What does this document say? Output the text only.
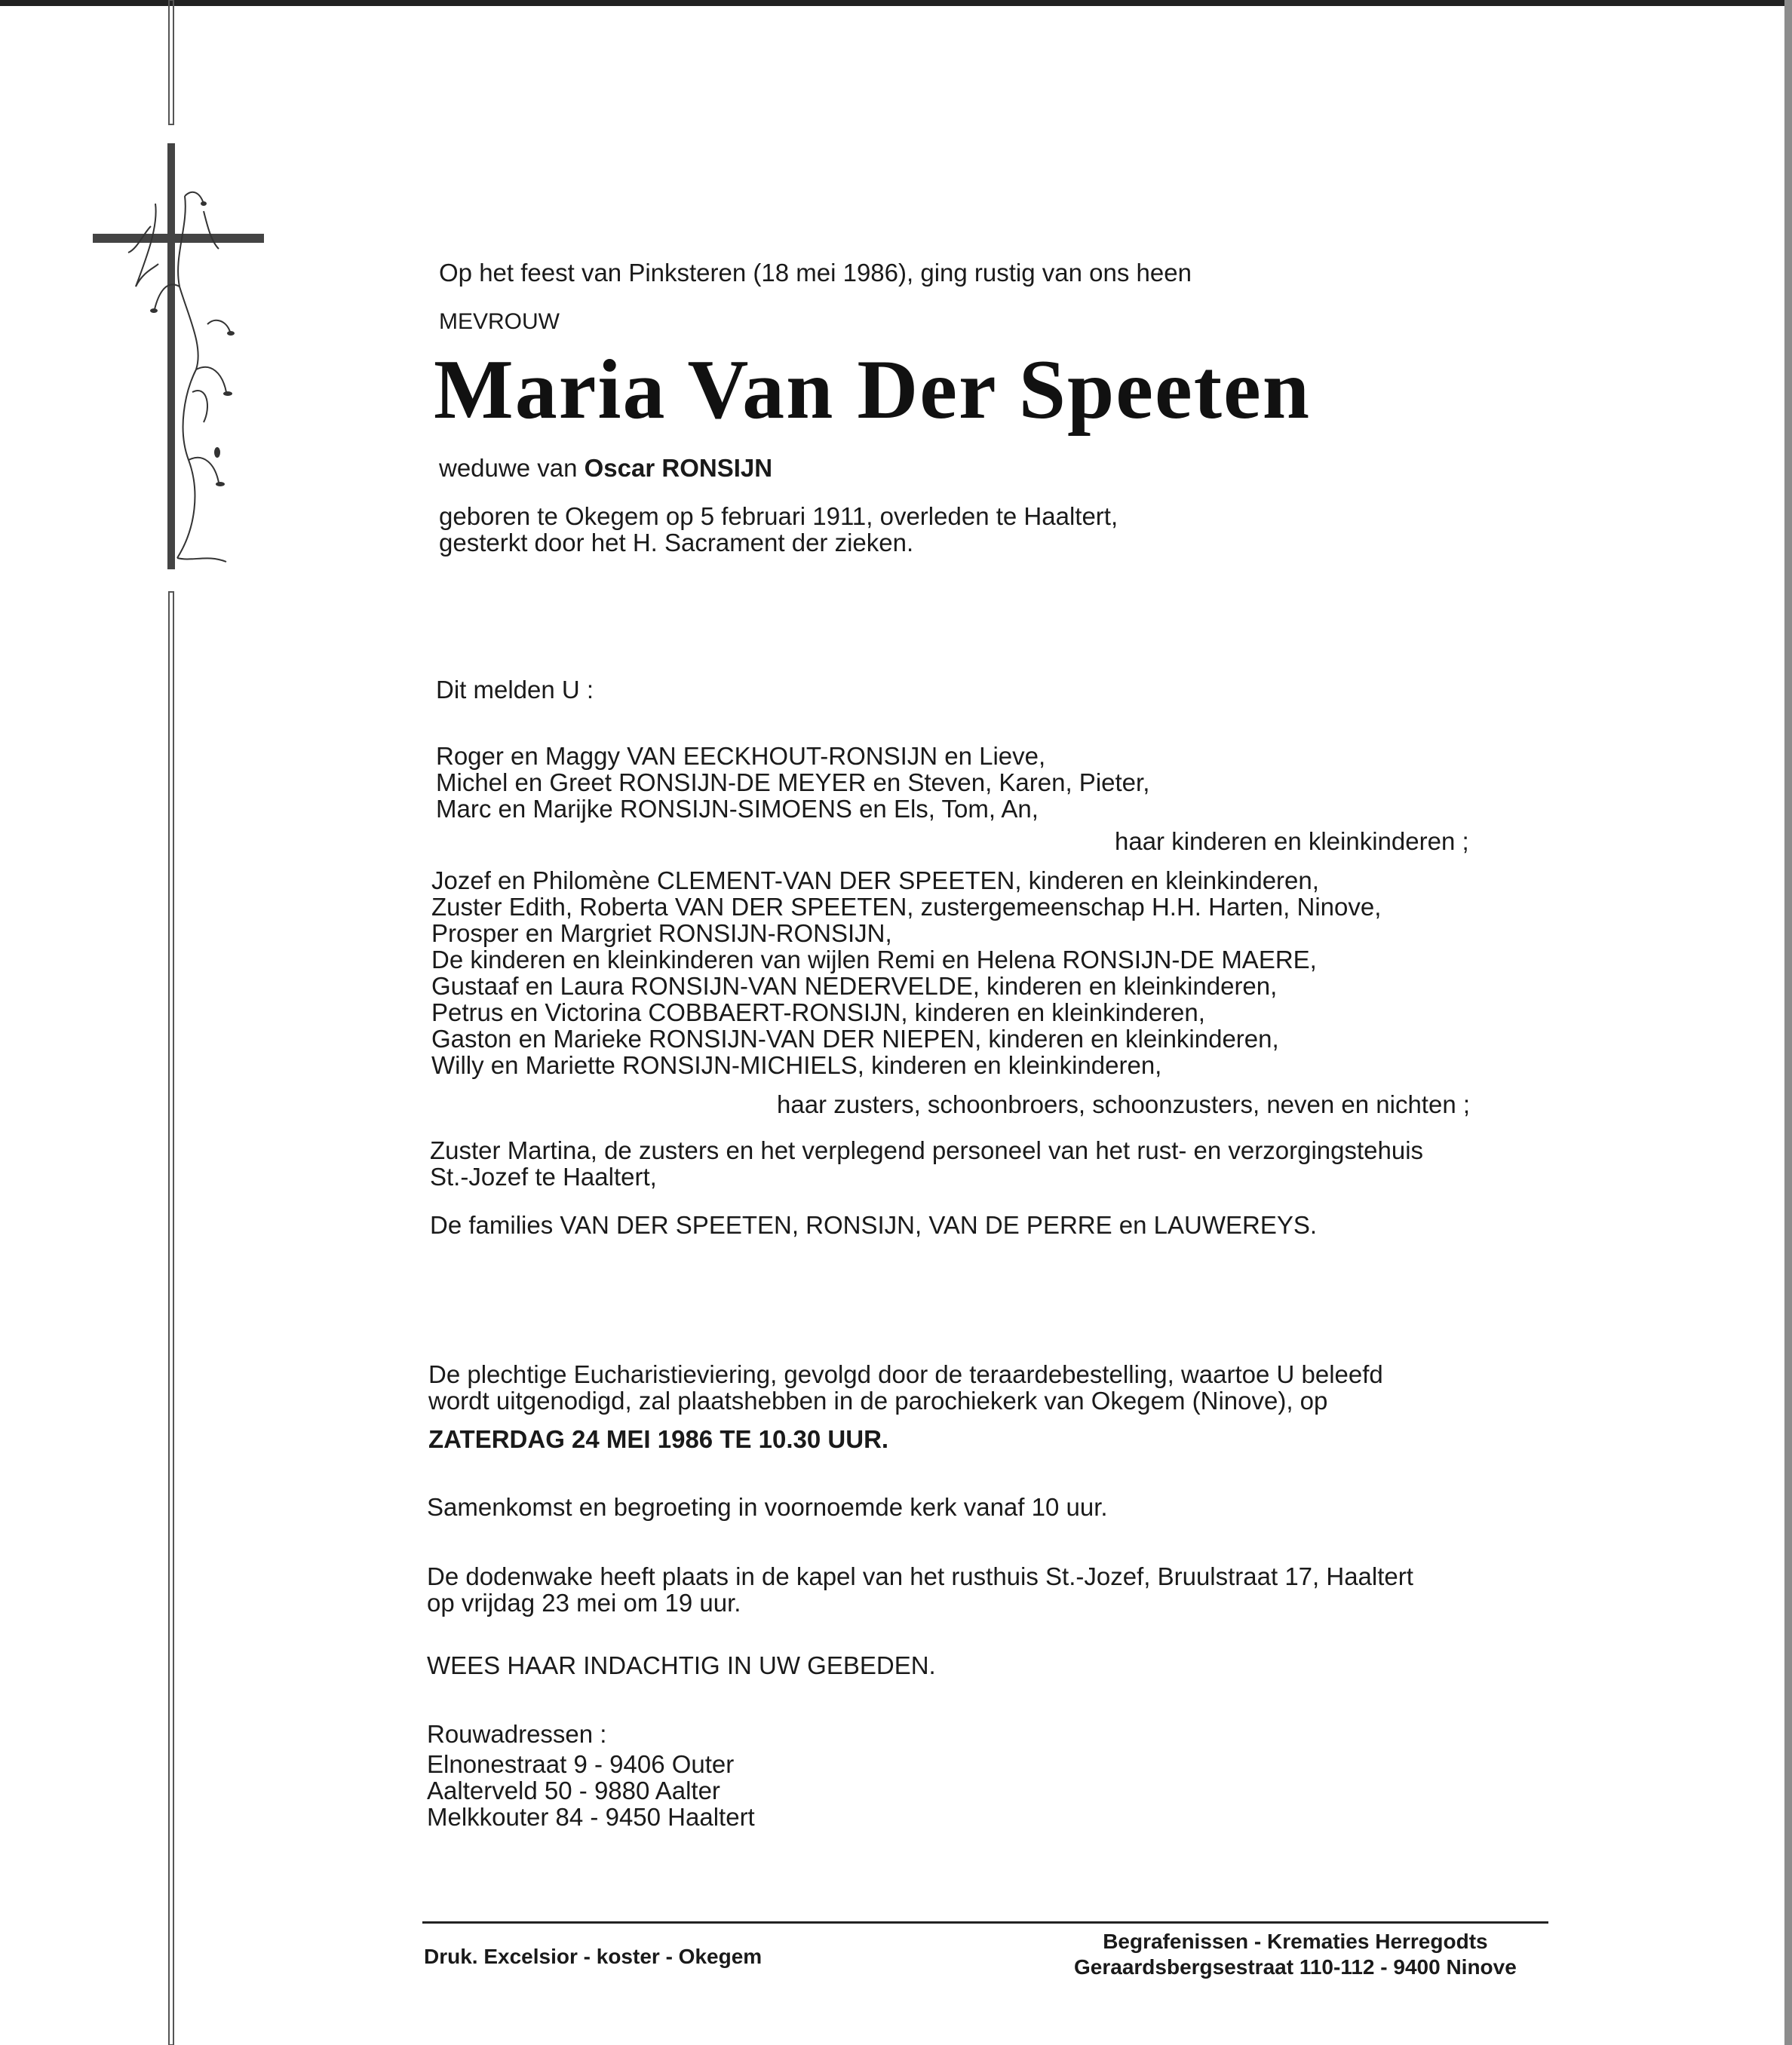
Op het feest van Pinksteren (18 mei 1986), ging rustig van ons heen
MEVROUW
Maria Van Der Speeten
weduwe van Oscar RONSIJN
geboren te Okegem op 5 februari 1911, overleden te Haaltert,
gesterkt door het H. Sacrament der zieken.
Dit melden U :
Roger en Maggy VAN EECKHOUT-RONSIJN en Lieve,
Michel en Greet RONSIJN-DE MEYER en Steven, Karen, Pieter,
Marc en Marijke RONSIJN-SIMOENS en Els, Tom, An,
haar kinderen en kleinkinderen ;
Jozef en Philomène CLEMENT-VAN DER SPEETEN, kinderen en kleinkinderen,
Zuster Edith, Roberta VAN DER SPEETEN, zustergemeenschap H.H. Harten, Ninove,
Prosper en Margriet RONSIJN-RONSIJN,
De kinderen en kleinkinderen van wijlen Remi en Helena RONSIJN-DE MAERE,
Gustaaf en Laura RONSIJN-VAN NEDERVELDE, kinderen en kleinkinderen,
Petrus en Victorina COBBAERT-RONSIJN, kinderen en kleinkinderen,
Gaston en Marieke RONSIJN-VAN DER NIEPEN, kinderen en kleinkinderen,
Willy en Mariette RONSIJN-MICHIELS, kinderen en kleinkinderen,
haar zusters, schoonbroers, schoonzusters, neven en nichten ;
Zuster Martina, de zusters en het verplegend personeel van het rust- en verzorgingstehuis
St.-Jozef te Haaltert,
De families VAN DER SPEETEN, RONSIJN, VAN DE PERRE en LAUWEREYS.
De plechtige Eucharistieviering, gevolgd door de teraardebestelling, waartoe U beleefd
wordt uitgenodigd, zal plaatshebben in de parochiekerk van Okegem (Ninove), op
ZATERDAG 24 MEI 1986 TE 10.30 UUR.
Samenkomst en begroeting in voornoemde kerk vanaf 10 uur.
De dodenwake heeft plaats in de kapel van het rusthuis St.-Jozef, Bruulstraat 17, Haaltert
op vrijdag 23 mei om 19 uur.
WEES HAAR INDACHTIG IN UW GEBEDEN.
Rouwadressen :
Elnonestraat 9 - 9406 Outer
Aalterveld 50 - 9880 Aalter
Melkkouter 84 - 9450 Haaltert
Druk. Excelsior - koster - Okegem
Begrafenissen - Krematies Herregodts
Geraardsbergsestraat 110-112 - 9400 Ninove
